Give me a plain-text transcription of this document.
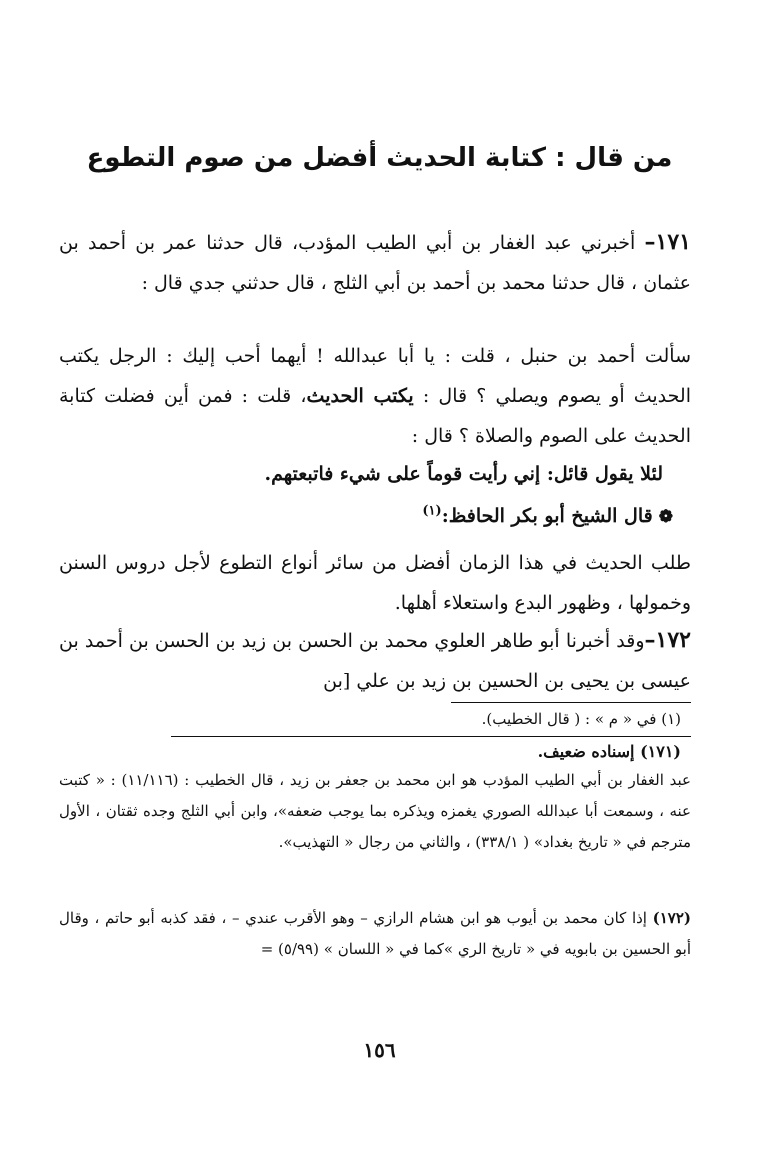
من قال : كتابة الحديث أفضل من صوم التطوع
١٧١– أخبرني عبد الغفار بن أبي الطيب المؤدب، قال حدثنا عمر بن أحمد بن عثمان ، قال حدثنا محمد بن أحمد بن أبي الثلج ، قال حدثني جدي قال :
سألت أحمد بن حنبل ، قلت : يا أبا عبدالله ! أيهما أحب إليك : الرجل يكتب الحديث أو يصوم ويصلي ؟ قال : يكتب الحديث، قلت : فمن أين فضلت كتابة الحديث على الصوم والصلاة ؟ قال :
لئلا يقول قائل: إني رأيت قوماً على شيء فاتبعتهم.
❁قال الشيخ أبو بكر الحافظ:$^{(١)}$
طلب الحديث في هذا الزمان أفضل من سائر أنواع التطوع لأجل دروس السنن وخمولها ، وظهور البدع واستعلاء أهلها.
١٧٢–وقد أخبرنا أبو طاهر العلوي محمد بن الحسن بن زيد بن الحسن بن أحمد بن عيسى بن يحيى بن الحسين بن زيد بن علي [بن
(١) في « م » : ( قال الخطيب).
(١٧١) إسناده ضعيف.
عبد الغفار بن أبي الطيب المؤدب هو ابن محمد بن جعفر بن زيد ، قال الخطيب : (١١/١١٦) : « كتبت عنه ، وسمعت أبا عبدالله الصوري يغمزه ويذكره بما يوجب ضعفه»، وابن أبي الثلج وجده ثقتان ، الأول مترجم في « تاريخ بغداد» ( ٣٣٨/١) ، والثاني من رجال « التهذيب».
(١٧٢) إذا كان محمد بن أيوب هو ابن هشام الرازي – وهو الأقرب عندي – ، فقد كذبه أبو حاتم ، وقال أبو الحسين بن بابويه في « تاريخ الري »كما في « اللسان » (٥/٩٩) =
١٥٦
